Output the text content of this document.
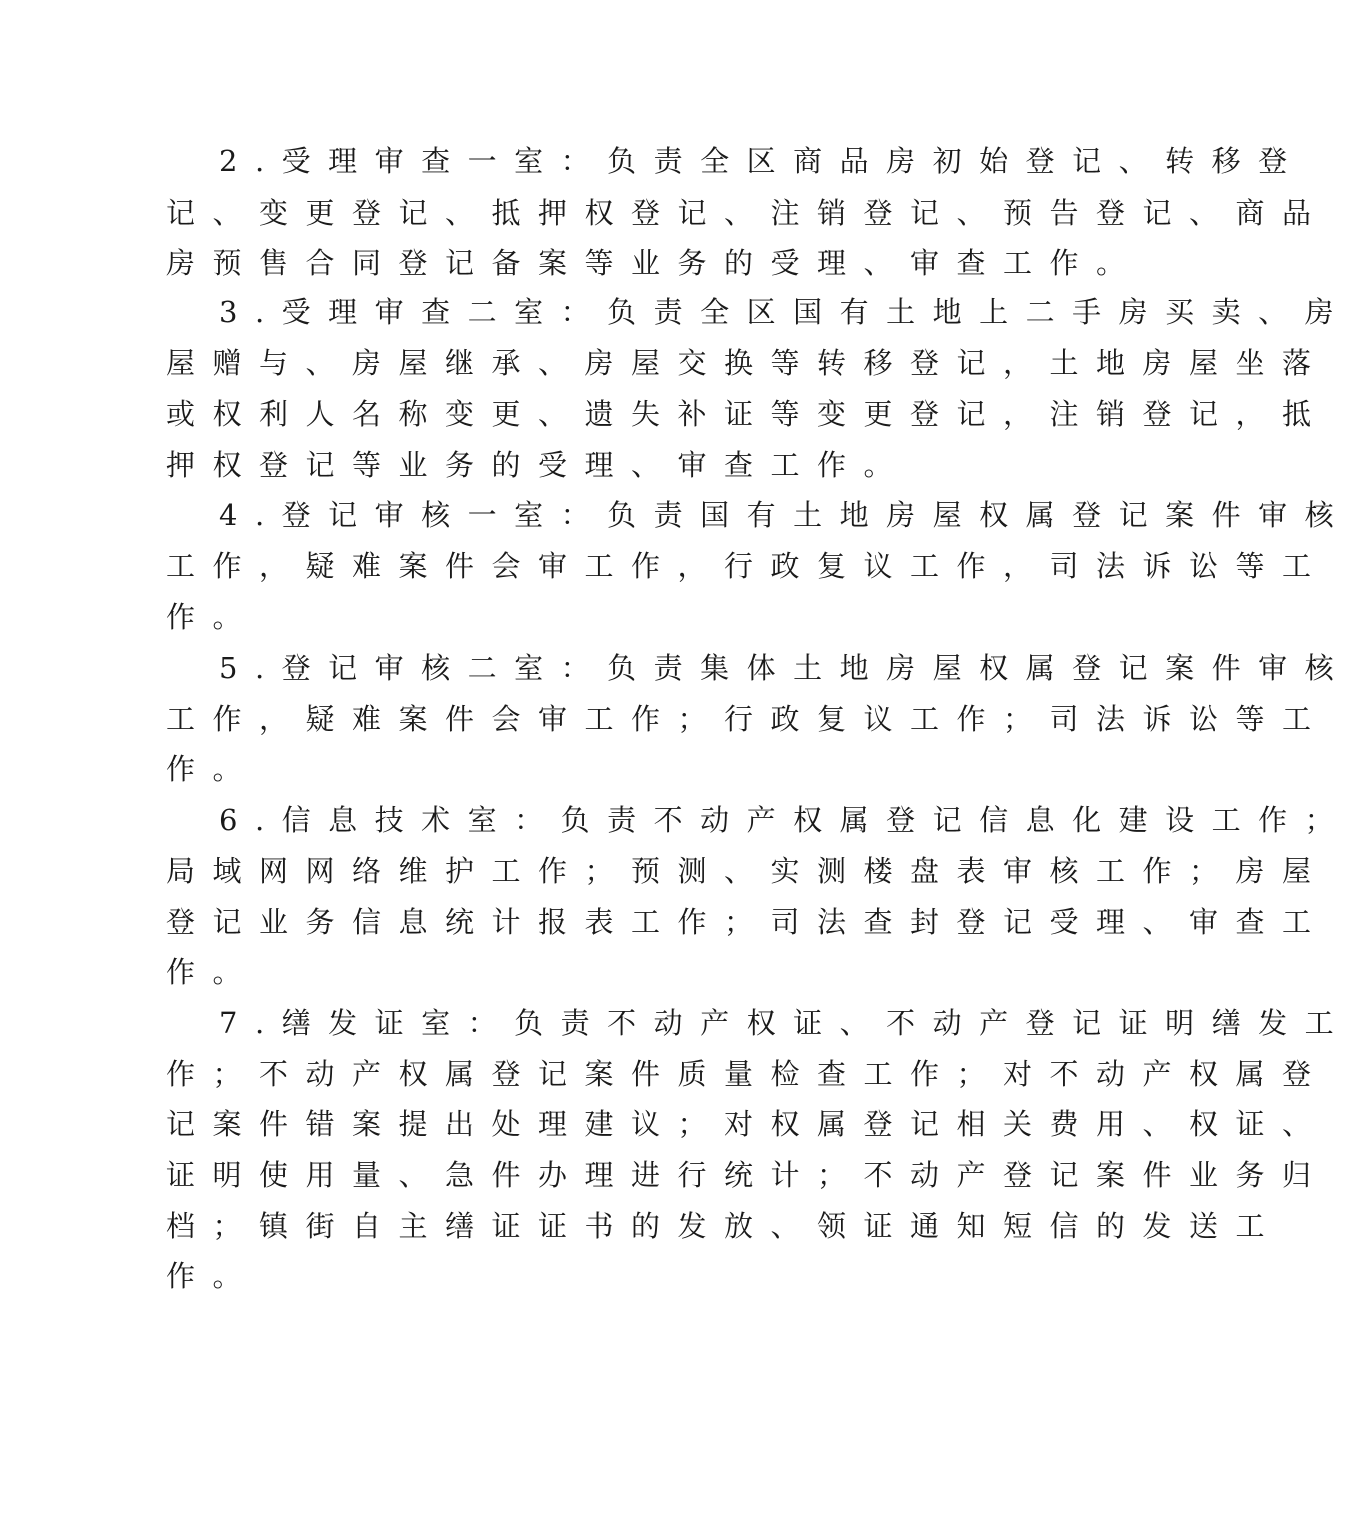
2.受理审查一室：负责全区商品房初始登记、转移登
记、变更登记、抵押权登记、注销登记、预告登记、商品
房预售合同登记备案等业务的受理、审查工作。
3.受理审查二室：负责全区国有土地上二手房买卖、房
屋赠与、房屋继承、房屋交换等转移登记，土地房屋坐落
或权利人名称变更、遗失补证等变更登记，注销登记，抵
押权登记等业务的受理、审查工作。
4.登记审核一室：负责国有土地房屋权属登记案件审核
工作，疑难案件会审工作，行政复议工作，司法诉讼等工
作。
5.登记审核二室：负责集体土地房屋权属登记案件审核
工作，疑难案件会审工作；行政复议工作；司法诉讼等工
作。
6.信息技术室：负责不动产权属登记信息化建设工作；
局域网网络维护工作；预测、实测楼盘表审核工作；房屋
登记业务信息统计报表工作；司法查封登记受理、审查工
作。
7.缮发证室：负责不动产权证、不动产登记证明缮发工
作；不动产权属登记案件质量检查工作；对不动产权属登
记案件错案提出处理建议；对权属登记相关费用、权证、
证明使用量、急件办理进行统计；不动产登记案件业务归
档；镇街自主缮证证书的发放、领证通知短信的发送工
作。
